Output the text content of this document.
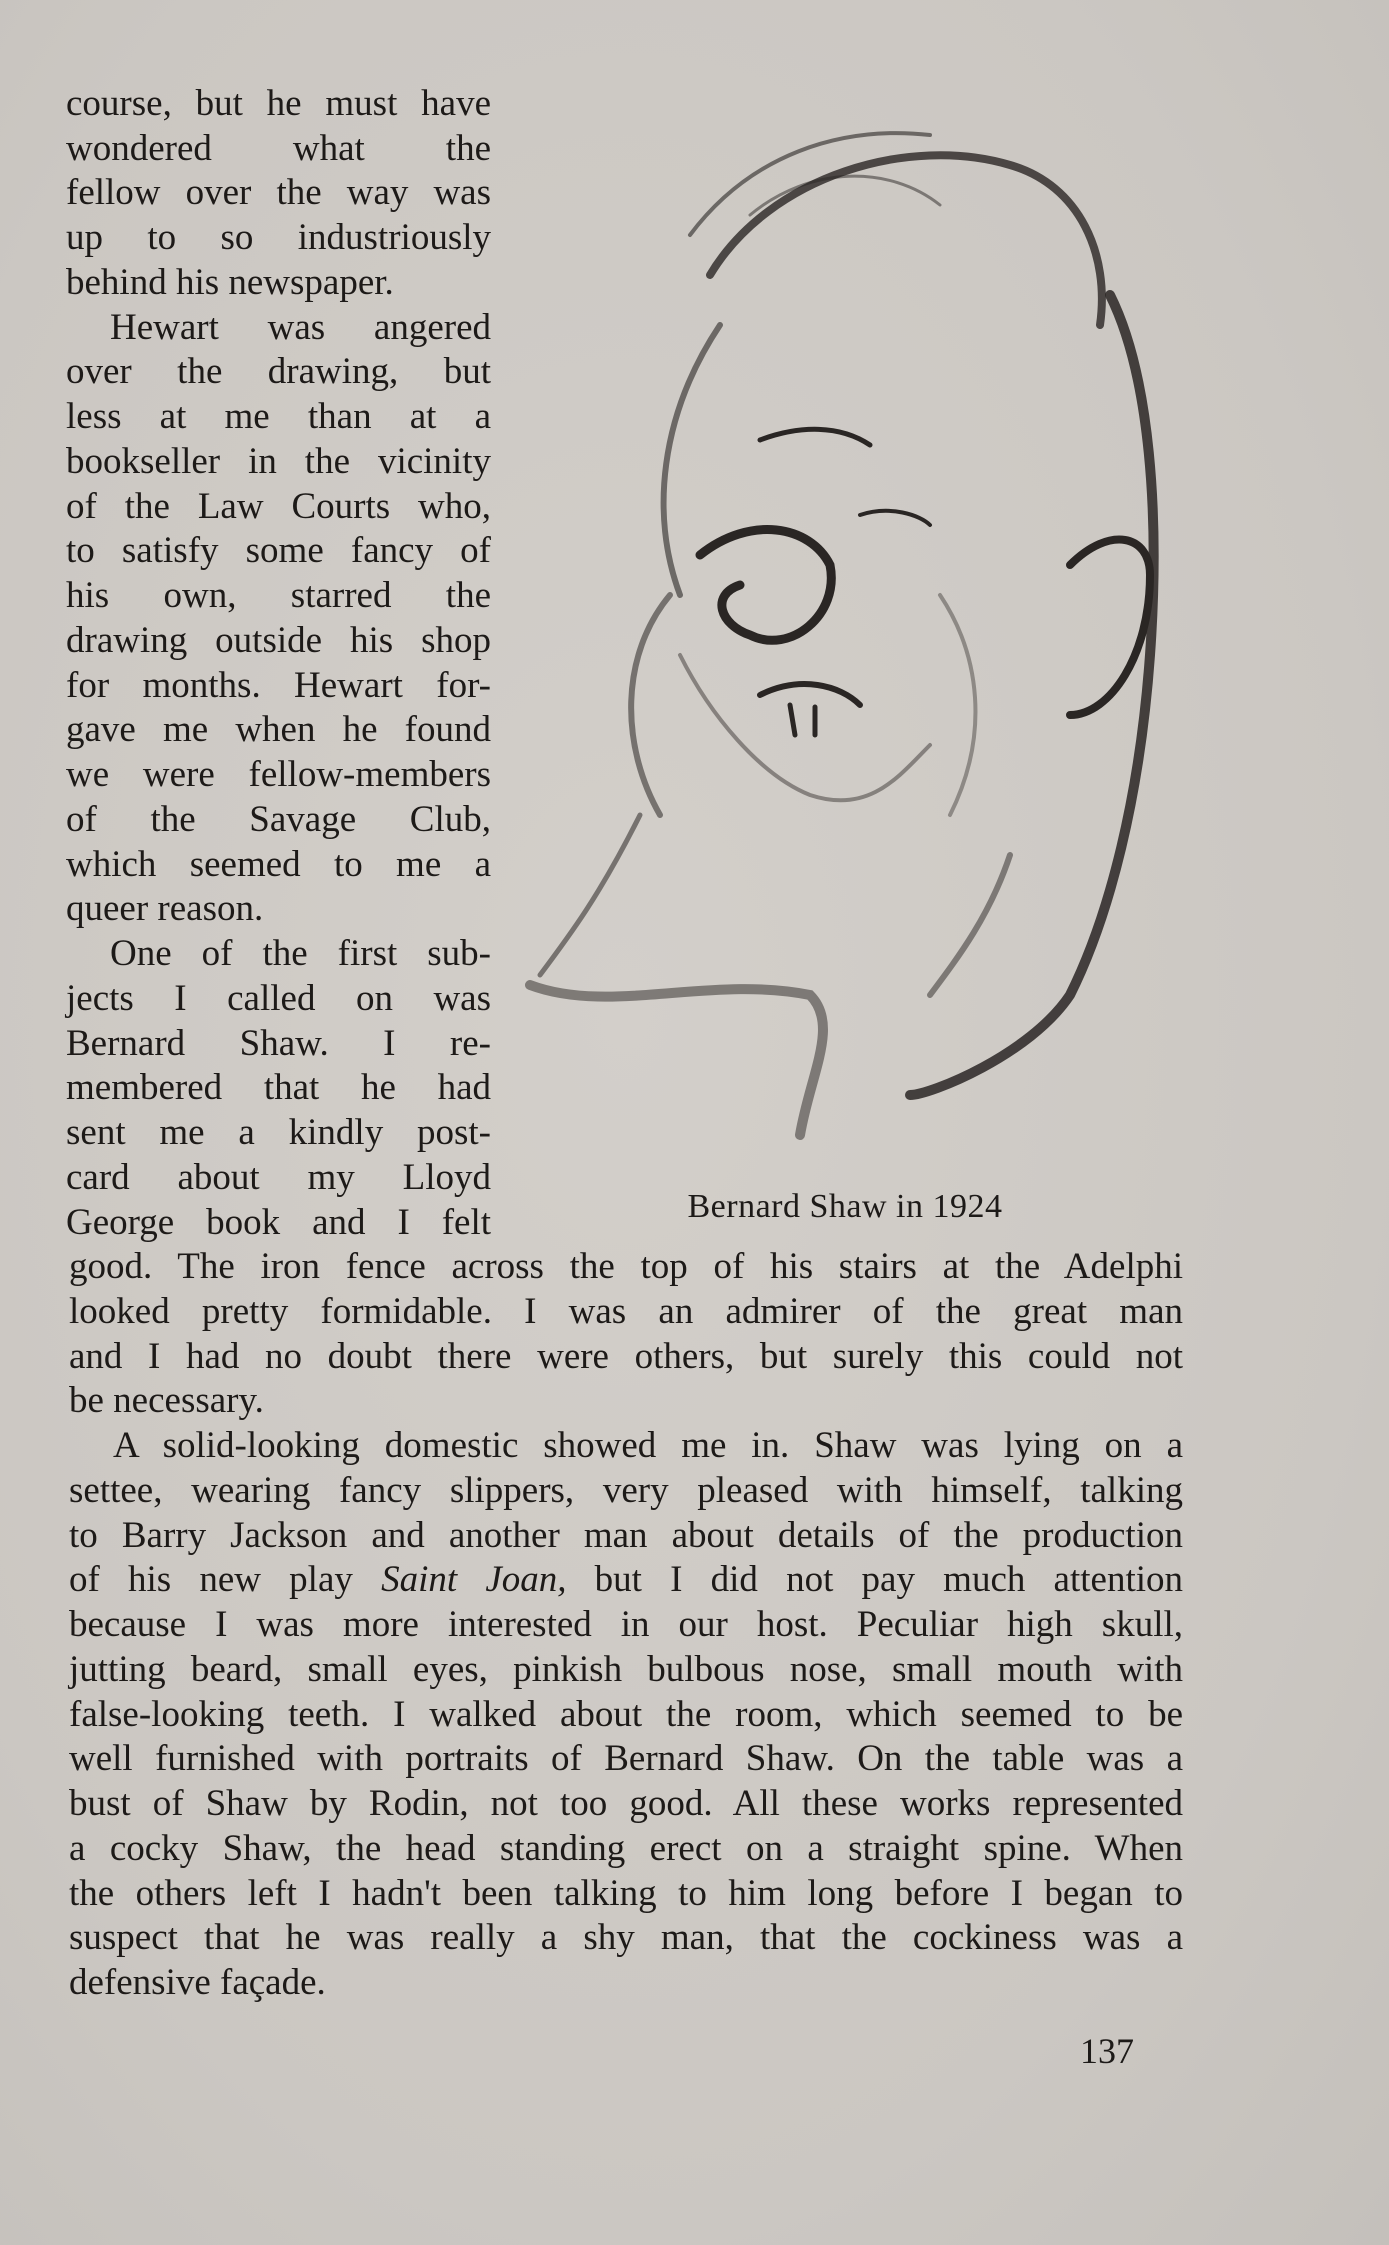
course, but he must have
wondered what the
fellow over the way was
up to so industriously
behind his newspaper.
Hewart was angered
over the drawing, but
less at me than at a
bookseller in the vicinity
of the Law Courts who,
to satisfy some fancy of
his own, starred the
drawing outside his shop
for months. Hewart for-
gave me when he found
we were fellow-members
of the Savage Club,
which seemed to me a
queer reason.
One of the first sub-
jects I called on was
Bernard Shaw. I re-
membered that he had
sent me a kindly post-
card about my Lloyd
George book and I felt
good. The iron fence across the top of his stairs at the Adelphi
looked pretty formidable. I was an admirer of the great man
and I had no doubt there were others, but surely this could not
be necessary.
A solid-looking domestic showed me in. Shaw was lying on a
settee, wearing fancy slippers, very pleased with himself, talking
to Barry Jackson and another man about details of the production
of his new play Saint Joan, but I did not pay much attention
because I was more interested in our host. Peculiar high skull,
jutting beard, small eyes, pinkish bulbous nose, small mouth with
false-looking teeth. I walked about the room, which seemed to be
well furnished with portraits of Bernard Shaw. On the table was a
bust of Shaw by Rodin, not too good. All these works represented
a cocky Shaw, the head standing erect on a straight spine. When
the others left I hadn't been talking to him long before I began to
suspect that he was really a shy man, that the cockiness was a
defensive façade.
Bernard Shaw in 1924
137
